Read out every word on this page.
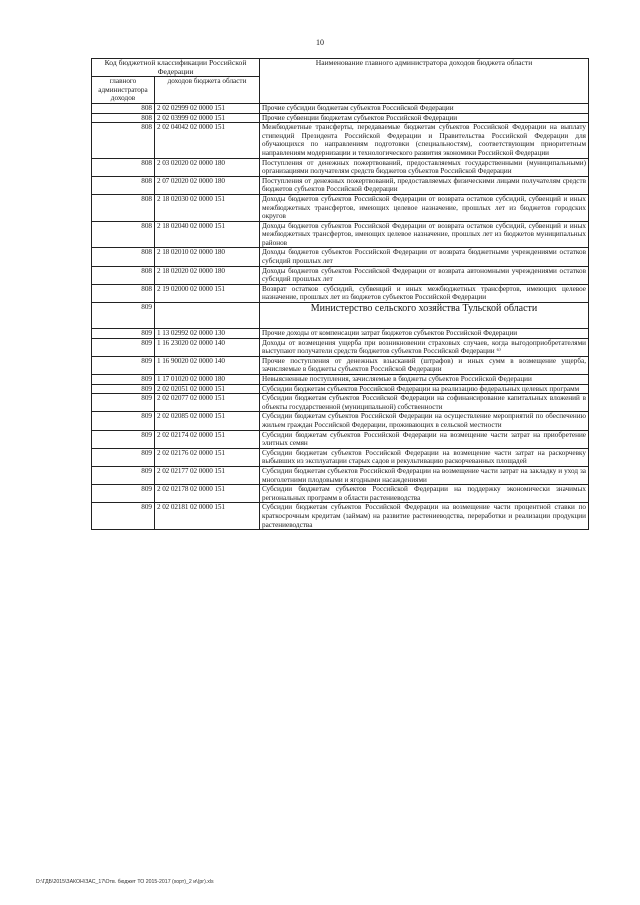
10
Код бюджетной классификации Российской Федерации		Наименование главного администратора доходов бюджета области
главного администратора доходов	доходов бюджета области	
808	2 02 02999 02 0000 151	Прочие субсидии бюджетам субъектов Российской Федерации
808	2 02 03999 02 0000 151	Прочие субвенции бюджетам субъектов Российской Федерации
808	2 02 04042 02 0000 151	Межбюджетные трансферты, передаваемые бюджетам субъектов Российской Федерации на выплату стипендий Президента Российской Федерации и Правительства Российской Федерации для обучающихся по направлениям подготовки (специальностям), соответствующим приоритетным направлениям модернизации и технологического развития экономики Российской Федерации
808	2 03 02020 02 0000 180	Поступления от денежных пожертвований, предоставляемых государственными (муниципальными) организациями получателям средств бюджетов субъектов Российской Федерации
808	2 07 02020 02 0000 180	Поступления от денежных пожертвований, предоставляемых физическими лицами получателям средств бюджетов субъектов Российской Федерации
808	2 18 02030 02 0000 151	Доходы бюджетов субъектов Российской Федерации от возврата остатков субсидий, субвенций и иных межбюджетных трансфертов, имеющих целевое назначение, прошлых лет из бюджетов городских округов
808	2 18 02040 02 0000 151	Доходы бюджетов субъектов Российской Федерации от возврата остатков субсидий, субвенций и иных межбюджетных трансфертов, имеющих целевое назначение, прошлых лет из бюджетов муниципальных районов
808	2 18 02010 02 0000 180	Доходы бюджетов субъектов Российской Федерации от возврата бюджетными учреждениями остатков субсидий прошлых лет
808	2 18 02020 02 0000 180	Доходы бюджетов субъектов Российской Федерации от возврата автономными учреждениями остатков субсидий прошлых лет
808	2 19 02000 02 0000 151	Возврат остатков субсидий, субвенций и иных межбюджетных трансфертов, имеющих целевое назначение, прошлых лет из бюджетов субъектов Российской Федерации
809		Министерство сельского хозяйства Тульской области
809	1 13 02992 02 0000 130	Прочие доходы от компенсации затрат бюджетов субъектов Российской Федерации
809	1 16 23020 02 0000 140	Доходы от возмещения ущерба при возникновении страховых случаев, когда выгодоприобретателями выступают получатели средств бюджетов субъектов Российской Федерации ⁶⁾
809	1 16 90020 02 0000 140	Прочие поступления от денежных взысканий (штрафов) и иных сумм в возмещение ущерба, зачисляемые в бюджеты субъектов Российской Федерации
809	1 17 01020 02 0000 180	Невыясненные поступления, зачисляемые в бюджеты субъектов Российской Федерации
809	2 02 02051 02 0000 151	Субсидии бюджетам субъектов Российской Федерации на реализацию федеральных целевых программ
809	2 02 02077 02 0000 151	Субсидии бюджетам субъектов Российской Федерации на софинансирование капитальных вложений в объекты государственной (муниципальной) собственности
809	2 02 02085 02 0000 151	Субсидии бюджетам субъектов Российской Федерации на осуществление мероприятий по обеспечению жильем граждан Российской Федерации, проживающих в сельской местности
809	2 02 02174 02 0000 151	Субсидии бюджетам субъектов Российской Федерации на возмещение части затрат на приобретение элитных семян
809	2 02 02176 02 0000 151	Субсидии бюджетам субъектов Российской Федерации на возмещение части затрат на раскорчевку выбывших из эксплуатации старых садов и рекультивацию раскорчеванных площадей
809	2 02 02177 02 0000 151	Субсидии бюджетам субъектов Российской Федерации на возмещение части затрат на закладку и уход за многолетними плодовыми и ягодными насаждениями
809	2 02 02178 02 0000 151	Субсидии бюджетам субъектов Российской Федерации на поддержку экономически значимых региональных программ в области растениеводства
809	2 02 02181 02 0000 151	Субсидии бюджетам субъектов Российской Федерации на возмещение части процентной ставки по краткосрочным кредитам (займам) на развитие растениеводства, переработки и реализации продукции растениеводства
D:\ГДБ\2015\ЗАКОН\ЗАС_17\Отв. бюджет ТО 2015-2017 (хорт)_2 и\(рг).xls
